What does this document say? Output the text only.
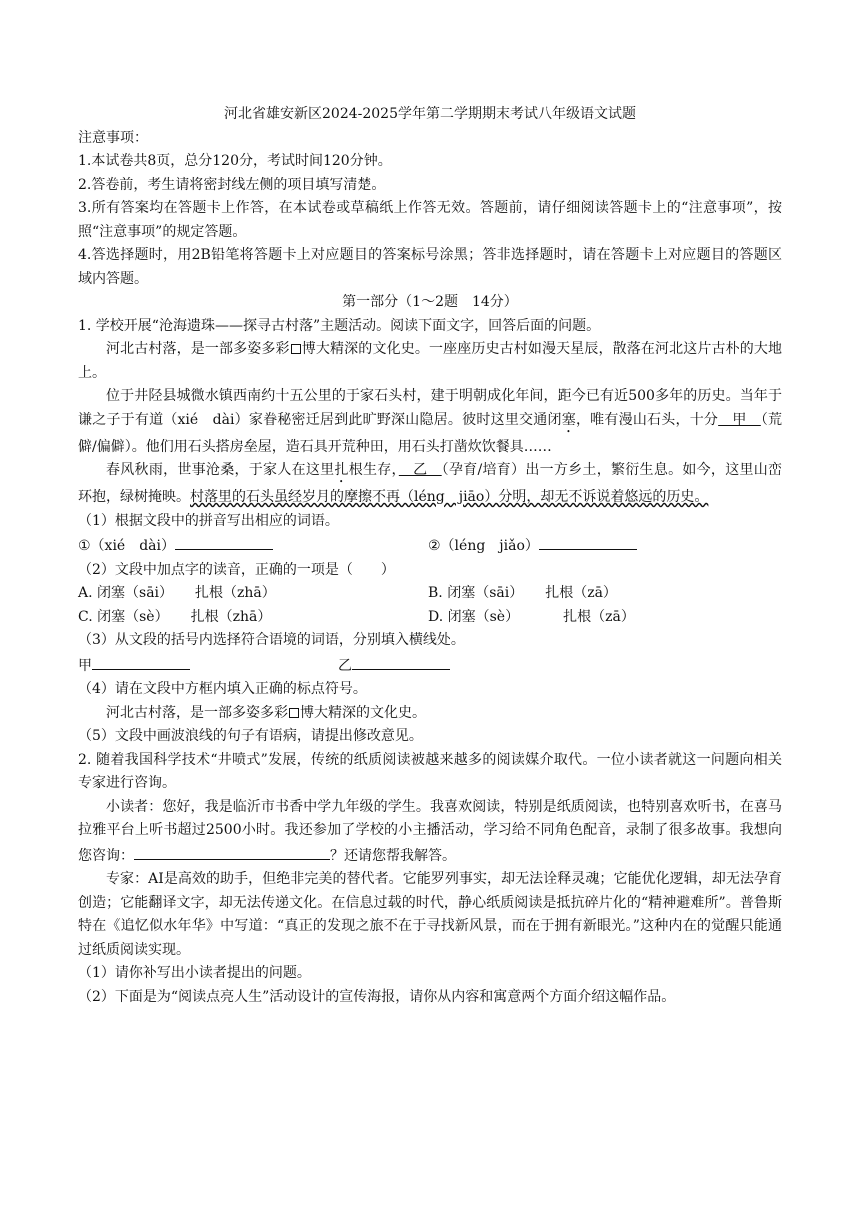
河北省雄安新区2024-2025学年第二学期期末考试八年级语文试题

注意事项：

1.本试卷共8页，总分120分，考试时间120分钟。

2.答卷前，考生请将密封线左侧的项目填写清楚。

3.所有答案均在答题卡上作答，在本试卷或草稿纸上作答无效。答题前，请仔细阅读答题卡上的“注意事项”，按照“注意事项”的规定答题。

4.答选择题时，用2B铅笔将答题卡上对应题目的答案标号涂黑；答非选择题时，请在答题卡上对应题目的答题区域内答题。

第一部分（1～2题　14分）

1. 学校开展“沧海遗珠——探寻古村落”主题活动。阅读下面文字，回答后面的问题。

河北古村落，是一部多姿多彩 博大精深的文化史。一座座历史古村如漫天星辰，散落在河北这片古朴的大地上。

位于井陉县城微水镇西南约十五公里的于家石头村，建于明朝成化年间，距今已有近500多年的历史。当年于谦之子于有道（xié　dài）家眷秘密迁居到此旷野深山隐居。彼时这里交通闭塞，唯有漫山石头，十分　甲　（荒僻/偏僻）。他们用石头搭房垒屋，造石具开荒种田，用石头打凿炊饮餐具……

春风秋雨，世事沧桑，于家人在这里扎根生存，　乙　（孕育/培育）出一方乡土，繁衍生息。如今，这里山峦环抱，绿树掩映。村落里的石头虽经岁月的摩擦不再（léng　jiāo）分明，却无不诉说着悠远的历史。

（1）根据文段中的拼音写出相应的词语。

①（xié　dài）	②（léng　jiǎo）

（2）文段中加点字的读音，正确的一项是（　　）

A. 闭塞（sāi） 扎根（zhā）	B. 闭塞（sāi） 扎根（zā）
C. 闭塞（sè） 扎根（zhā）	D. 闭塞（sè）	扎根（zā）

（3）从文段的括号内选择符合语境的词语，分别填入横线处。

甲	乙

（4）请在文段中方框内填入正确的标点符号。

河北古村落，是一部多姿多彩 博大精深的文化史。

（5）文段中画波浪线的句子有语病，请提出修改意见。

2. 随着我国科学技术“井喷式”发展，传统的纸质阅读被越来越多的阅读媒介取代。一位小读者就这一问题向相关专家进行咨询。

小读者：您好，我是临沂市书香中学九年级的学生。我喜欢阅读，特别是纸质阅读，也特别喜欢听书，在喜马拉雅平台上听书超过2500小时。我还参加了学校的小主播活动，学习给不同角色配音，录制了很多故事。我想向您咨询：	？还请您帮我解答。

专家：AI是高效的助手，但绝非完美的替代者。它能罗列事实，却无法诠释灵魂；它能优化逻辑，却无法孕育创造；它能翻译文字，却无法传递文化。在信息过载的时代，静心纸质阅读是抵抗碎片化的“精神避难所”。普鲁斯特在《追忆似水年华》中写道：“真正的发现之旅不在于寻找新风景，而在于拥有新眼光。”这种内在的觉醒只能通过纸质阅读实现。

（1）请你补写出小读者提出的问题。

（2）下面是为“阅读点亮人生”活动设计的宣传海报，请你从内容和寓意两个方面介绍这幅作品。
